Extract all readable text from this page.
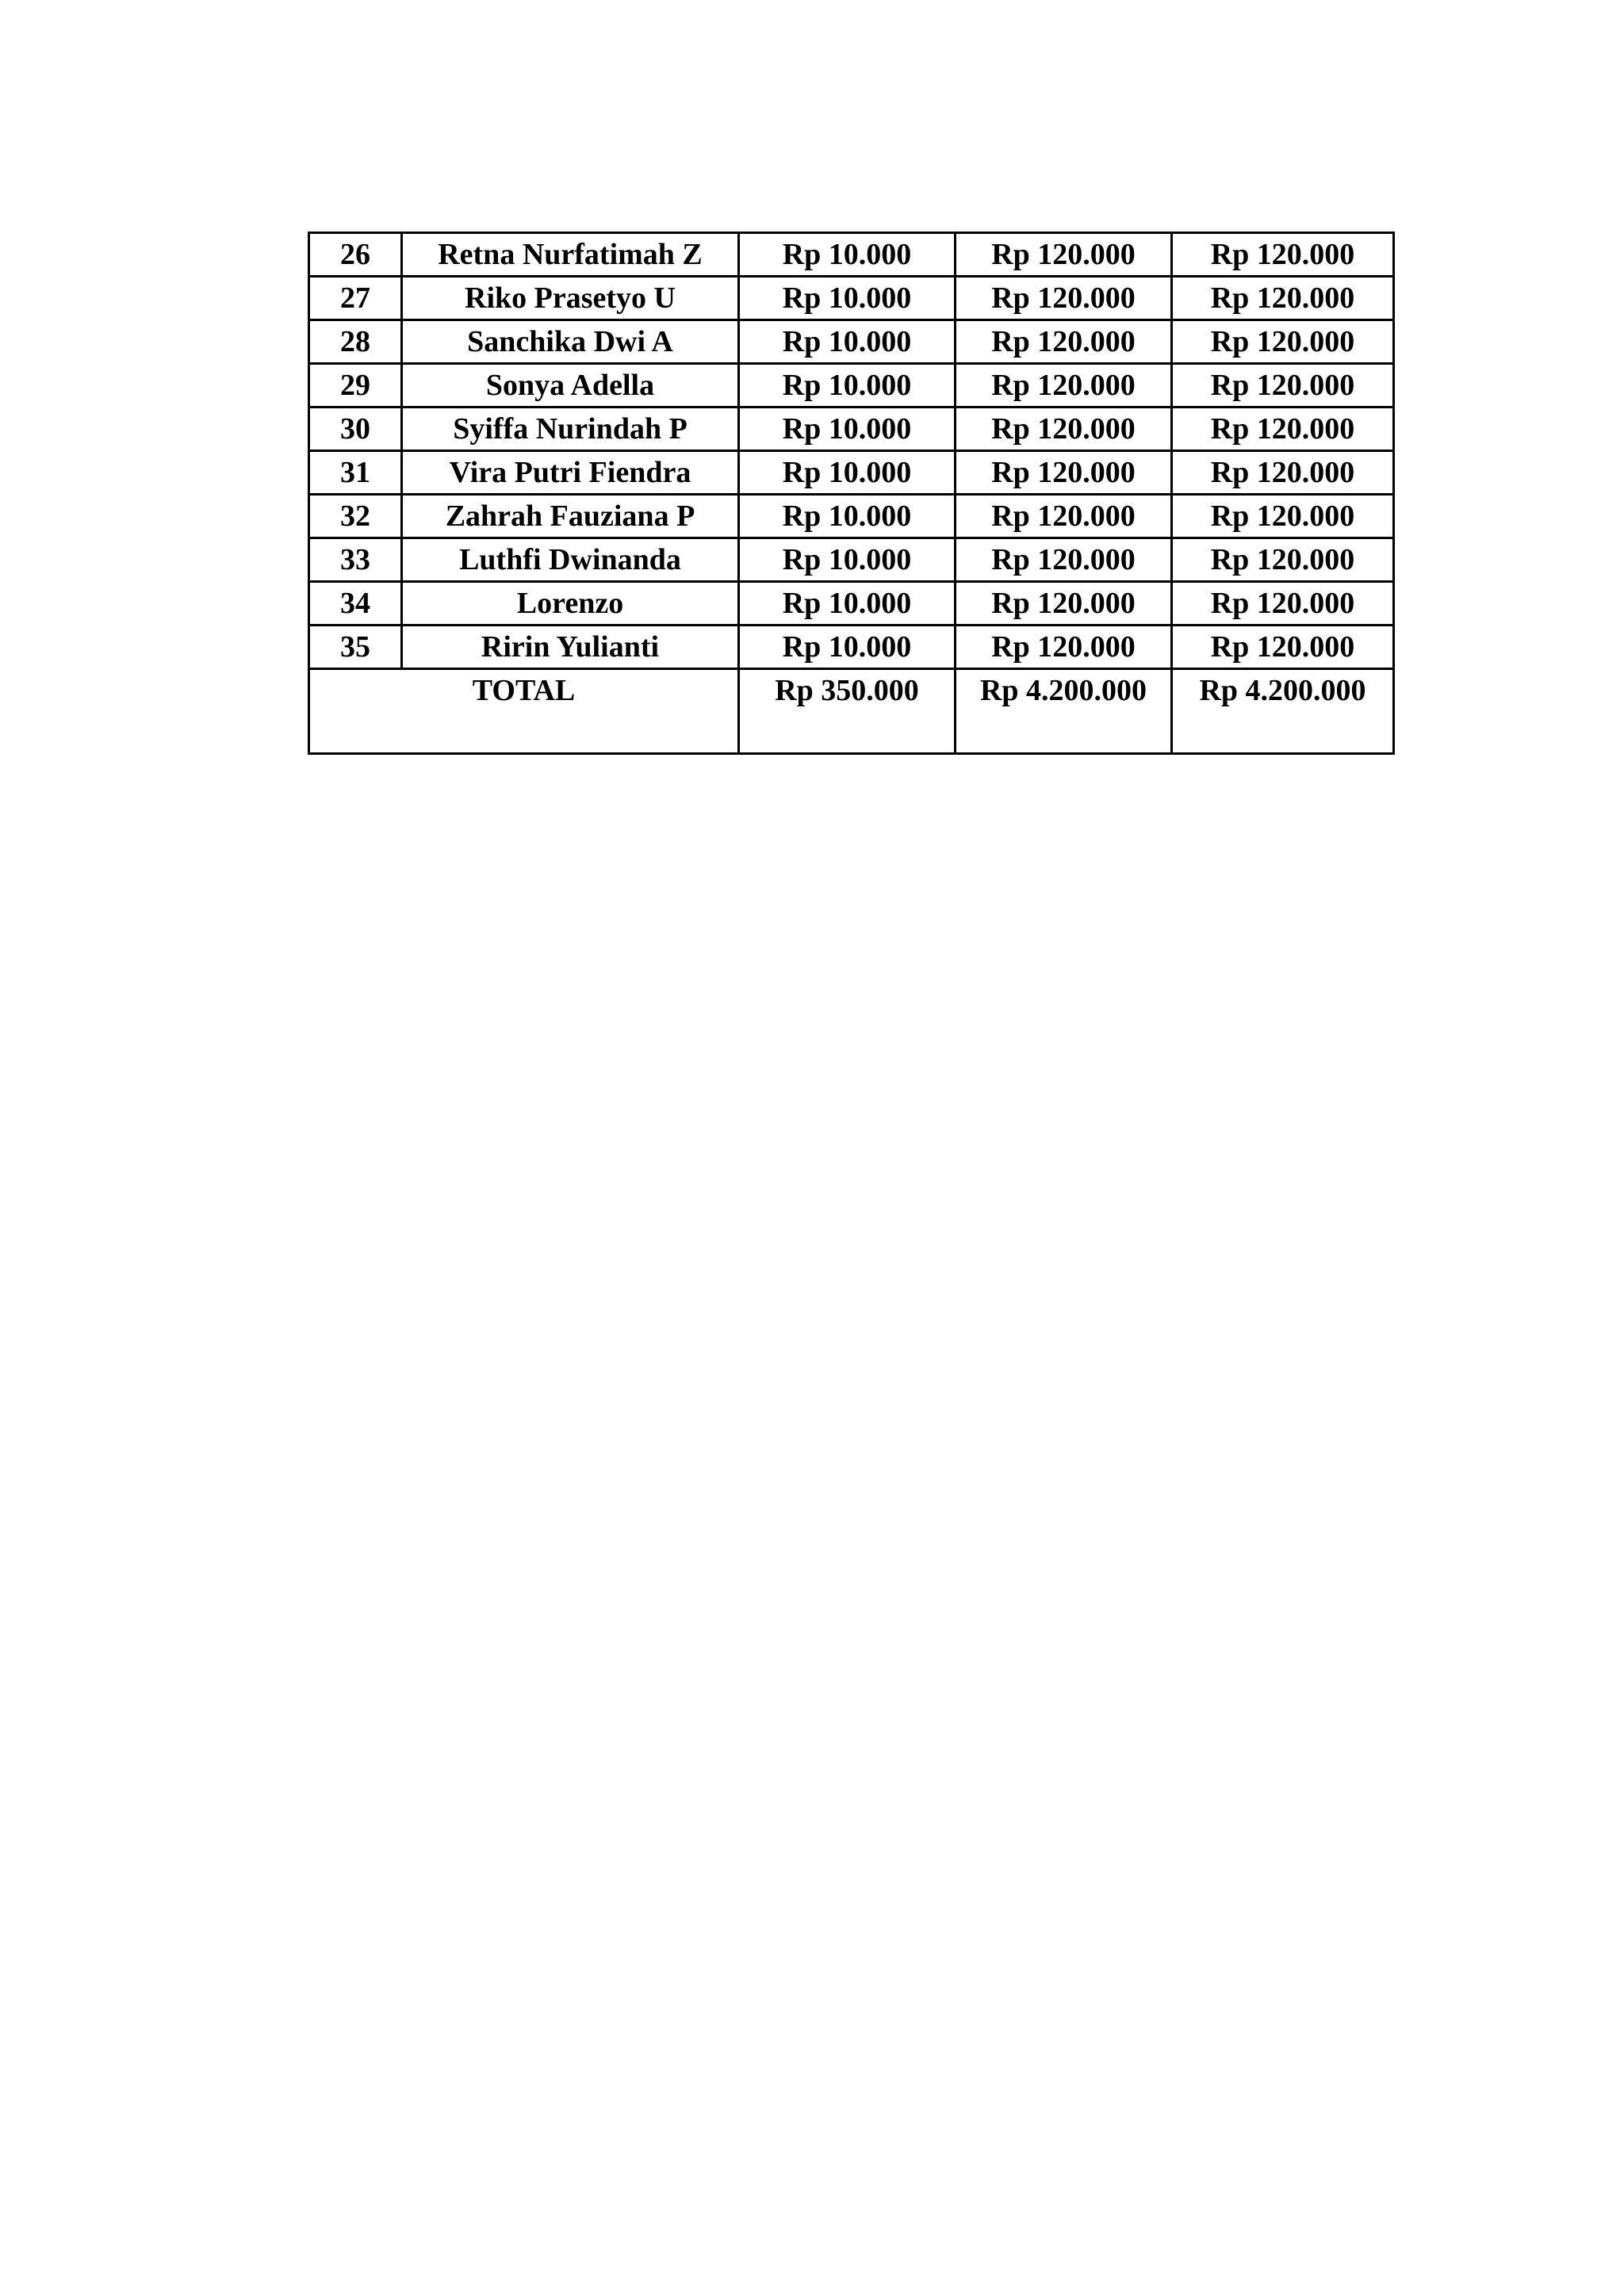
26	Retna Nurfatimah Z	Rp 10.000	Rp 120.000	Rp 120.000
27	Riko Prasetyo U	Rp 10.000	Rp 120.000	Rp 120.000
28	Sanchika Dwi A	Rp 10.000	Rp 120.000	Rp 120.000
29	Sonya Adella	Rp 10.000	Rp 120.000	Rp 120.000
30	Syiffa Nurindah P	Rp 10.000	Rp 120.000	Rp 120.000
31	Vira Putri Fiendra	Rp 10.000	Rp 120.000	Rp 120.000
32	Zahrah Fauziana P	Rp 10.000	Rp 120.000	Rp 120.000
33	Luthfi Dwinanda	Rp 10.000	Rp 120.000	Rp 120.000
34	Lorenzo	Rp 10.000	Rp 120.000	Rp 120.000
35	Ririn Yulianti	Rp 10.000	Rp 120.000	Rp 120.000
TOTAL		Rp 350.000	Rp 4.200.000	Rp 4.200.000
